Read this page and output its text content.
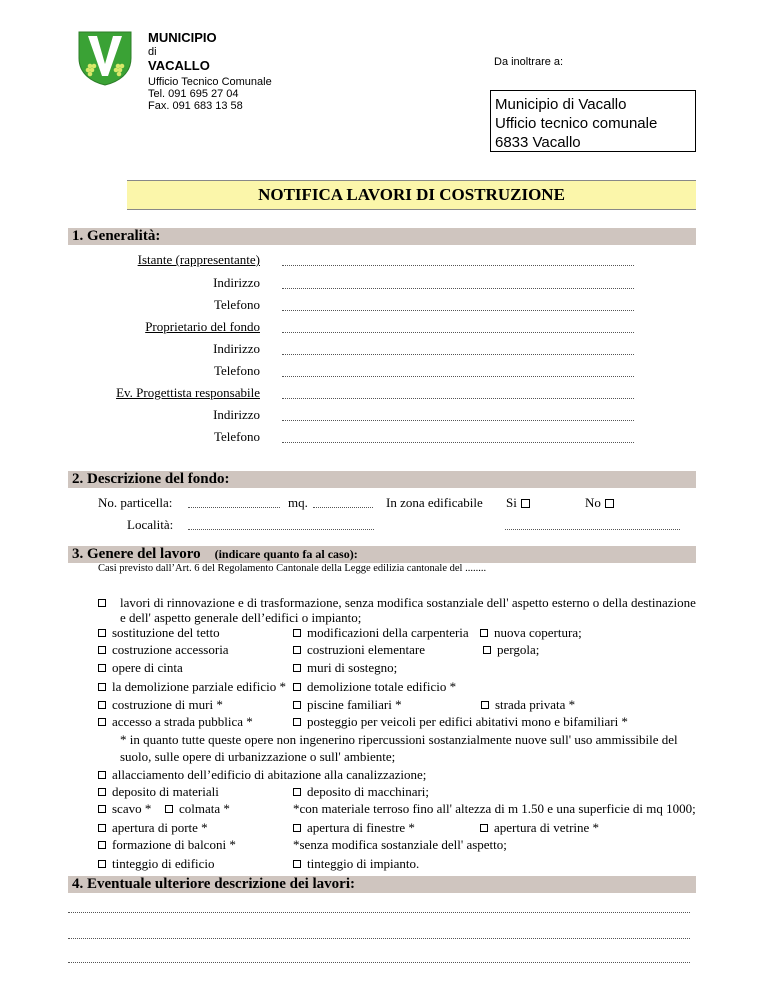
MUNICIPIO
di
VACALLO
Ufficio Tecnico Comunale
Tel. 091 695 27 04
Fax. 091 683 13 58
Da inoltrare a:
Municipio di Vacallo
Ufficio tecnico comunale
6833 Vacallo
NOTIFICA LAVORI DI COSTRUZIONE
1. Generalità:
Istante (rappresentante)
Indirizzo
Telefono
Proprietario del fondo
Indirizzo
Telefono
Ev. Progettista responsabile
Indirizzo
Telefono
2. Descrizione del fondo:
No. particella:	mq.	In zona edificabile Si	No
Località:
3. Genere del lavoro (indicare quanto fa al caso):
Casi previsto dall’Art. 6 del Regolamento Cantonale della Legge edilizia cantonale del ........
lavori di rinnovazione e di trasformazione, senza modifica sostanziale dell' aspetto esterno o della destinazione
e dell' aspetto generale dell’edifici o impianto;
sostituzione del tetto	modificazioni della carpenteria	nuova copertura;
costruzione accessoria	costruzioni elementare	pergola;
opere di cinta	muri di sostegno;
la demolizione parziale edificio *	demolizione totale edificio *
costruzione di muri *	piscine familiari *	strada privata *
accesso a strada pubblica *	posteggio per veicoli per edifici abitativi mono e bifamiliari *
* in quanto tutte queste opere non ingenerino ripercussioni sostanzialmente nuove sull' uso ammissibile del
suolo, sulle opere di urbanizzazione o sull' ambiente;
allacciamento dell’edificio di abitazione alla canalizzazione;
deposito di materiali	deposito di macchinari;
scavo *	colmata *	*con materiale terroso fino all' altezza di m 1.50 e una superficie di mq 1000;
apertura di porte *	apertura di finestre *	apertura di vetrine *
formazione di balconi *	*senza modifica sostanziale dell' aspetto;
tinteggio di edificio	tinteggio di impianto.
4. Eventuale ulteriore descrizione dei lavori:
